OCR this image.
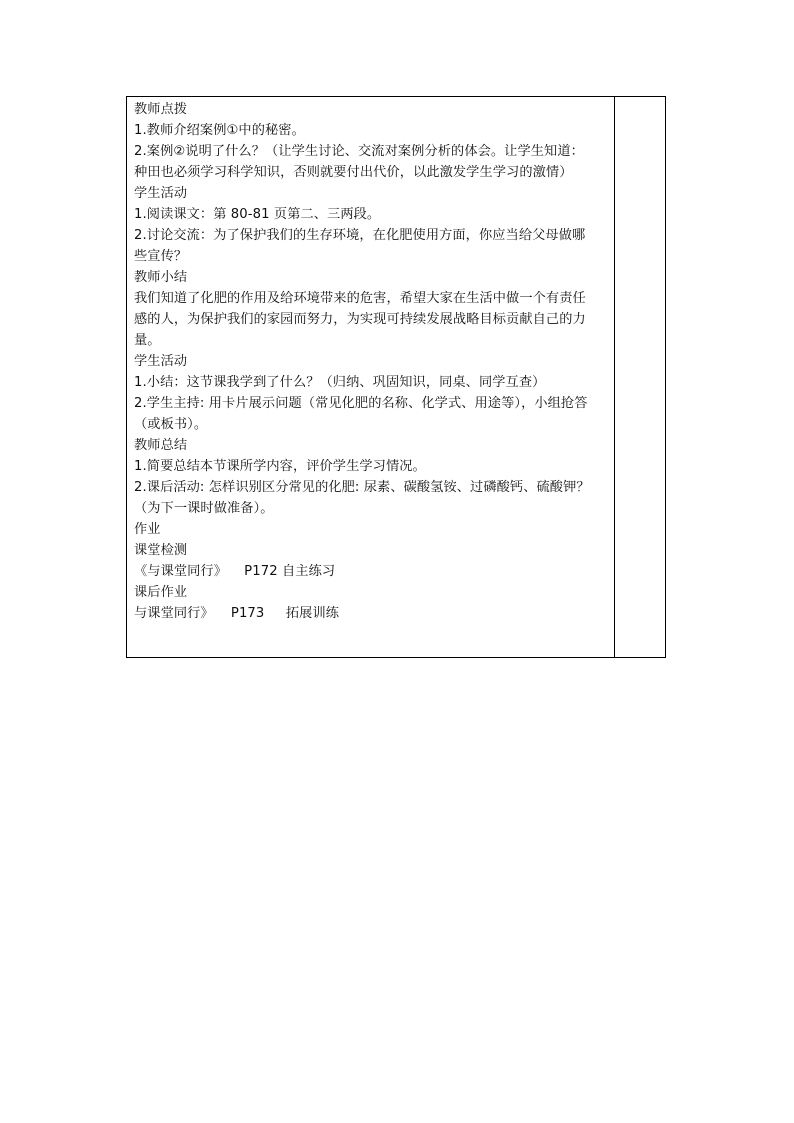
教师点拨
1.教师介绍案例①中的秘密。
2.案例②说明了什么？（让学生讨论、交流对案例分析的体会。让学生知道：
种田也必须学习科学知识，否则就要付出代价，以此激发学生学习的激情）
学生活动
1.阅读课文：第 80-81 页第二、三两段。
2.讨论交流：为了保护我们的生存环境，在化肥使用方面，你应当给父母做哪
些宣传？
教师小结
我们知道了化肥的作用及给环境带来的危害，希望大家在生活中做一个有责任
感的人，为保护我们的家园而努力，为实现可持续发展战略目标贡献自己的力
量。
学生活动
1.小结：这节课我学到了什么？（归纳、巩固知识，同桌、同学互查）
2.学生主持: 用卡片展示问题（常见化肥的名称、化学式、用途等），小组抢答
（或板书）。
教师总结
1.简要总结本节课所学内容，评价学生学习情况。
2.课后活动: 怎样识别区分常见的化肥: 尿素、碳酸氢铵、过磷酸钙、硫酸钾？
（为下一课时做准备）。
作业
课堂检测
《与课堂同行》    P172 自主练习
课后作业
与课堂同行》    P173     拓展训练
